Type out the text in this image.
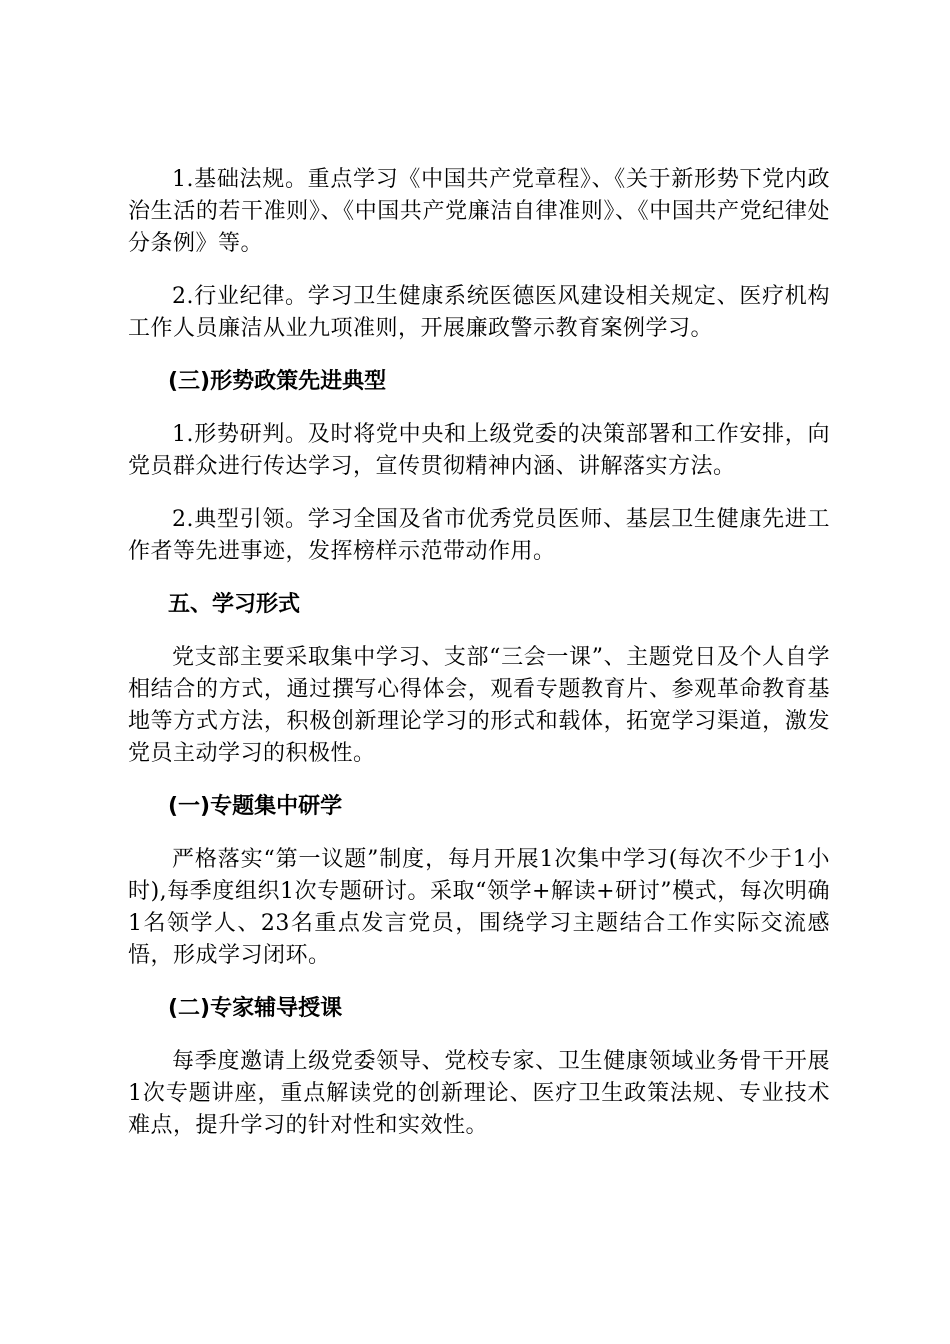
1.基础法规。重点学习《中国共产党章程》、《关于新形势下党内政治生活的若干准则》、《中国共产党廉洁自律准则》、《中国共产党纪律处分条例》等。

2.行业纪律。学习卫生健康系统医德医风建设相关规定、医疗机构工作人员廉洁从业九项准则，开展廉政警示教育案例学习。

(三)形势政策先进典型

1.形势研判。及时将党中央和上级党委的决策部署和工作安排，向党员群众进行传达学习，宣传贯彻精神内涵、讲解落实方法。

2.典型引领。学习全国及省市优秀党员医师、基层卫生健康先进工作者等先进事迹，发挥榜样示范带动作用。

五、学习形式

党支部主要采取集中学习、支部“三会一课”、主题党日及个人自学相结合的方式，通过撰写心得体会，观看专题教育片、参观革命教育基地等方式方法，积极创新理论学习的形式和载体，拓宽学习渠道，激发党员主动学习的积极性。

(一)专题集中研学

严格落实“第一议题”制度，每月开展1次集中学习(每次不少于1小时),每季度组织1次专题研讨。采取“领学+解读+研讨”模式，每次明确1名领学人、23名重点发言党员，围绕学习主题结合工作实际交流感悟，形成学习闭环。

(二)专家辅导授课

每季度邀请上级党委领导、党校专家、卫生健康领域业务骨干开展1次专题讲座，重点解读党的创新理论、医疗卫生政策法规、专业技术难点，提升学习的针对性和实效性。
